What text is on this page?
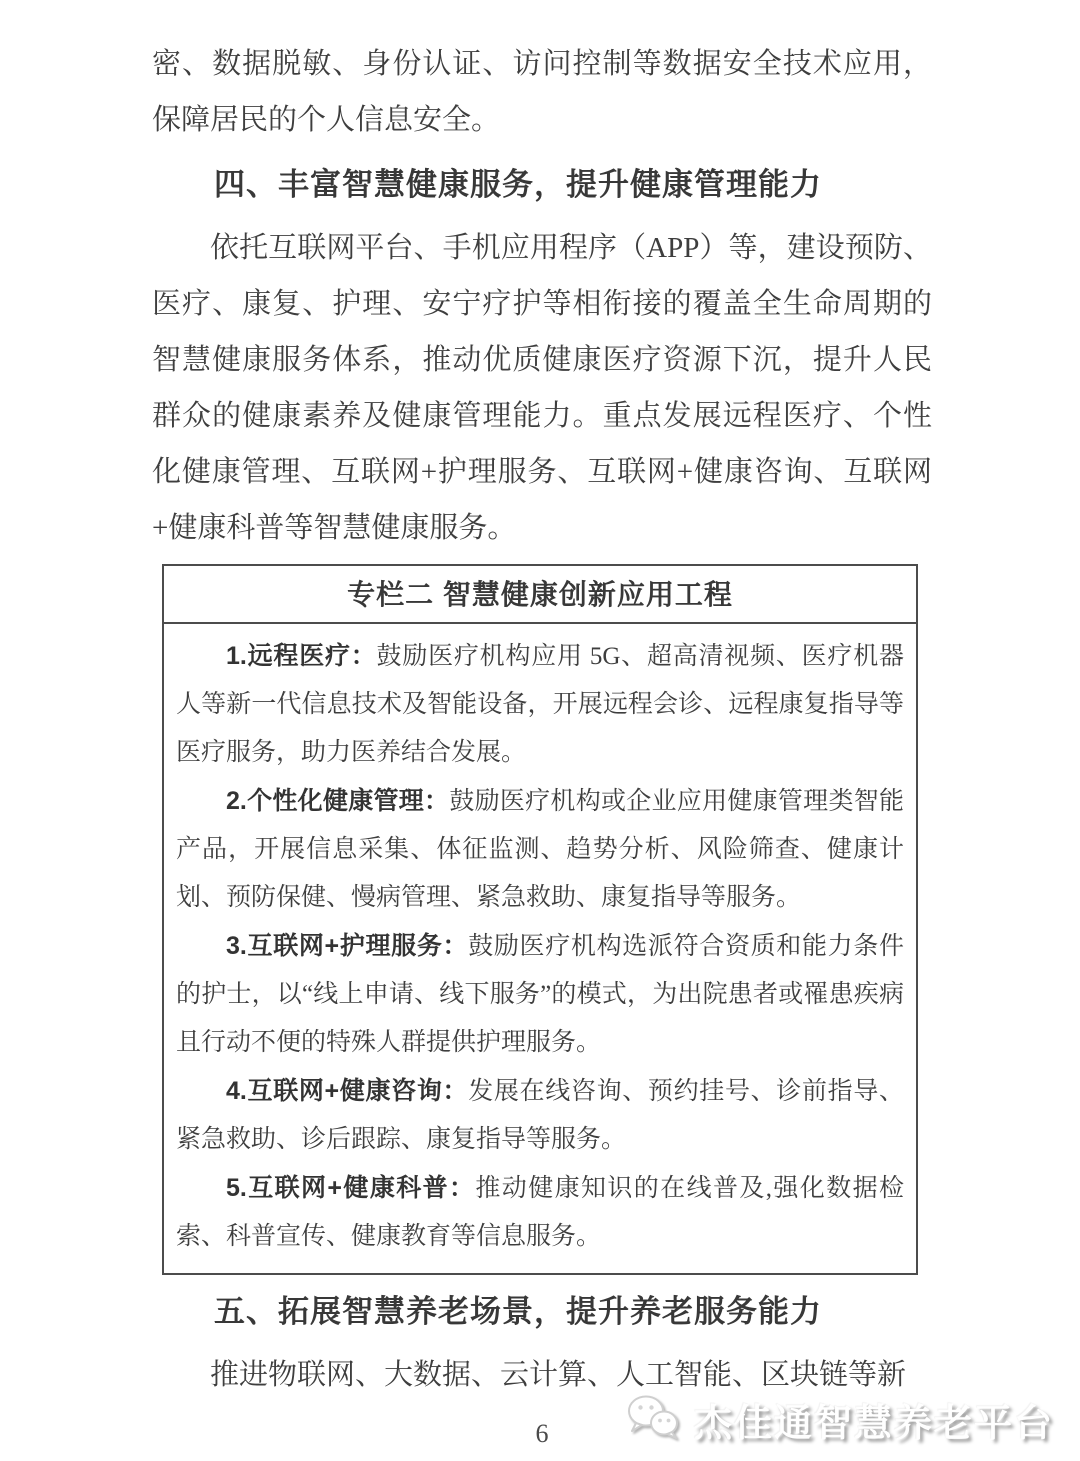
密、数据脱敏、身份认证、访问控制等数据安全技术应用，保障居民的个人信息安全。

四、丰富智慧健康服务，提升健康管理能力

依托互联网平台、手机应用程序（APP）等，建设预防、医疗、康复、护理、安宁疗护等相衔接的覆盖全生命周期的智慧健康服务体系，推动优质健康医疗资源下沉，提升人民群众的健康素养及健康管理能力。重点发展远程医疗、个性化健康管理、互联网+护理服务、互联网+健康咨询、互联网+健康科普等智慧健康服务。

专栏二 智慧健康创新应用工程

1.远程医疗：鼓励医疗机构应用 5G、超高清视频、医疗机器人等新一代信息技术及智能设备，开展远程会诊、远程康复指导等医疗服务，助力医养结合发展。

2.个性化健康管理：鼓励医疗机构或企业应用健康管理类智能产品，开展信息采集、体征监测、趋势分析、风险筛查、健康计划、预防保健、慢病管理、紧急救助、康复指导等服务。

3.互联网+护理服务：鼓励医疗机构选派符合资质和能力条件的护士，以“线上申请、线下服务”的模式，为出院患者或罹患疾病且行动不便的特殊人群提供护理服务。

4.互联网+健康咨询：发展在线咨询、预约挂号、诊前指导、紧急救助、诊后跟踪、康复指导等服务。

5.互联网+健康科普：推动健康知识的在线普及,强化数据检索、科普宣传、健康教育等信息服务。

五、拓展智慧养老场景，提升养老服务能力

推进物联网、大数据、云计算、人工智能、区块链等新

6	杰佳通智慧养老平台
